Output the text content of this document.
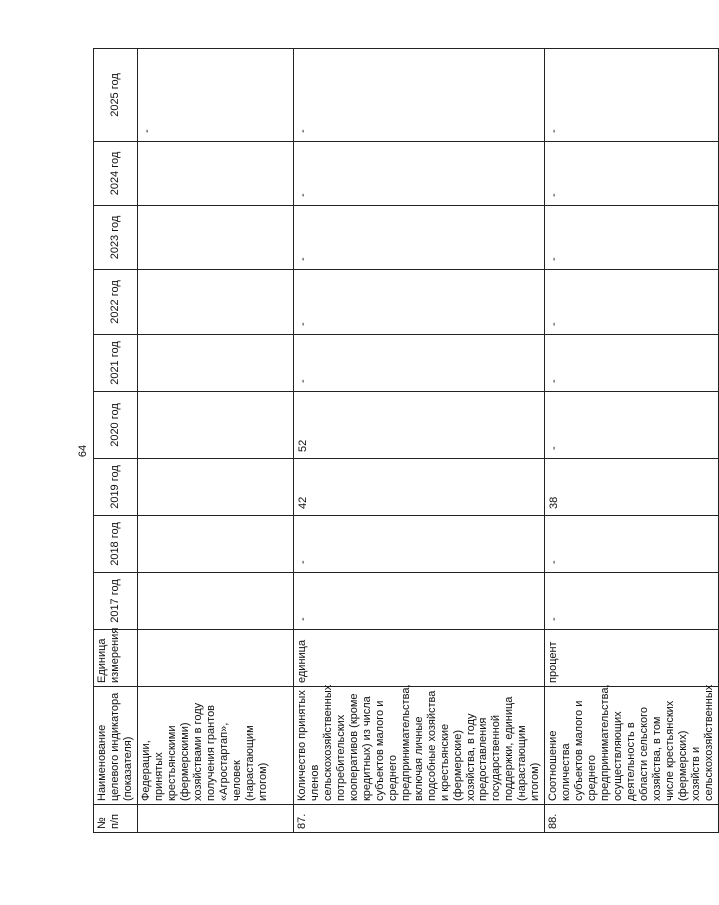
64
№ п/п	Наименование целевого индикатора (показателя)	Единица измерения	2017 год	2018 год	2019 год	2020 год	2021 год	2022 год	2023 год	2024 год	2025 год
	Федерации, принятых крестьянскими (фермерскими) хозяйствами в году получения грантов «Агростартап», человек (нарастающим итогом)										-
87.	Количество принятых членов сельскохозяйственных потребительских кооперативов (кроме кредитных) из числа субъектов малого и среднего предпринимательства, включая личные подсобные хозяйства и крестьянские (фермерские) хозяйства, в году предоставления государственной поддержки, единица (нарастающим итогом)	единица	-	-	42	52	-	-	-	-	-
88.	Соотношение количества субъектов малого и среднего предпринимательства, осуществляющих деятельность в области сельского хозяйства, в том числе крестьянских (фермерских) хозяйств и сельскохозяйственных	процент	-	-	38	-	-	-	-	-	-
